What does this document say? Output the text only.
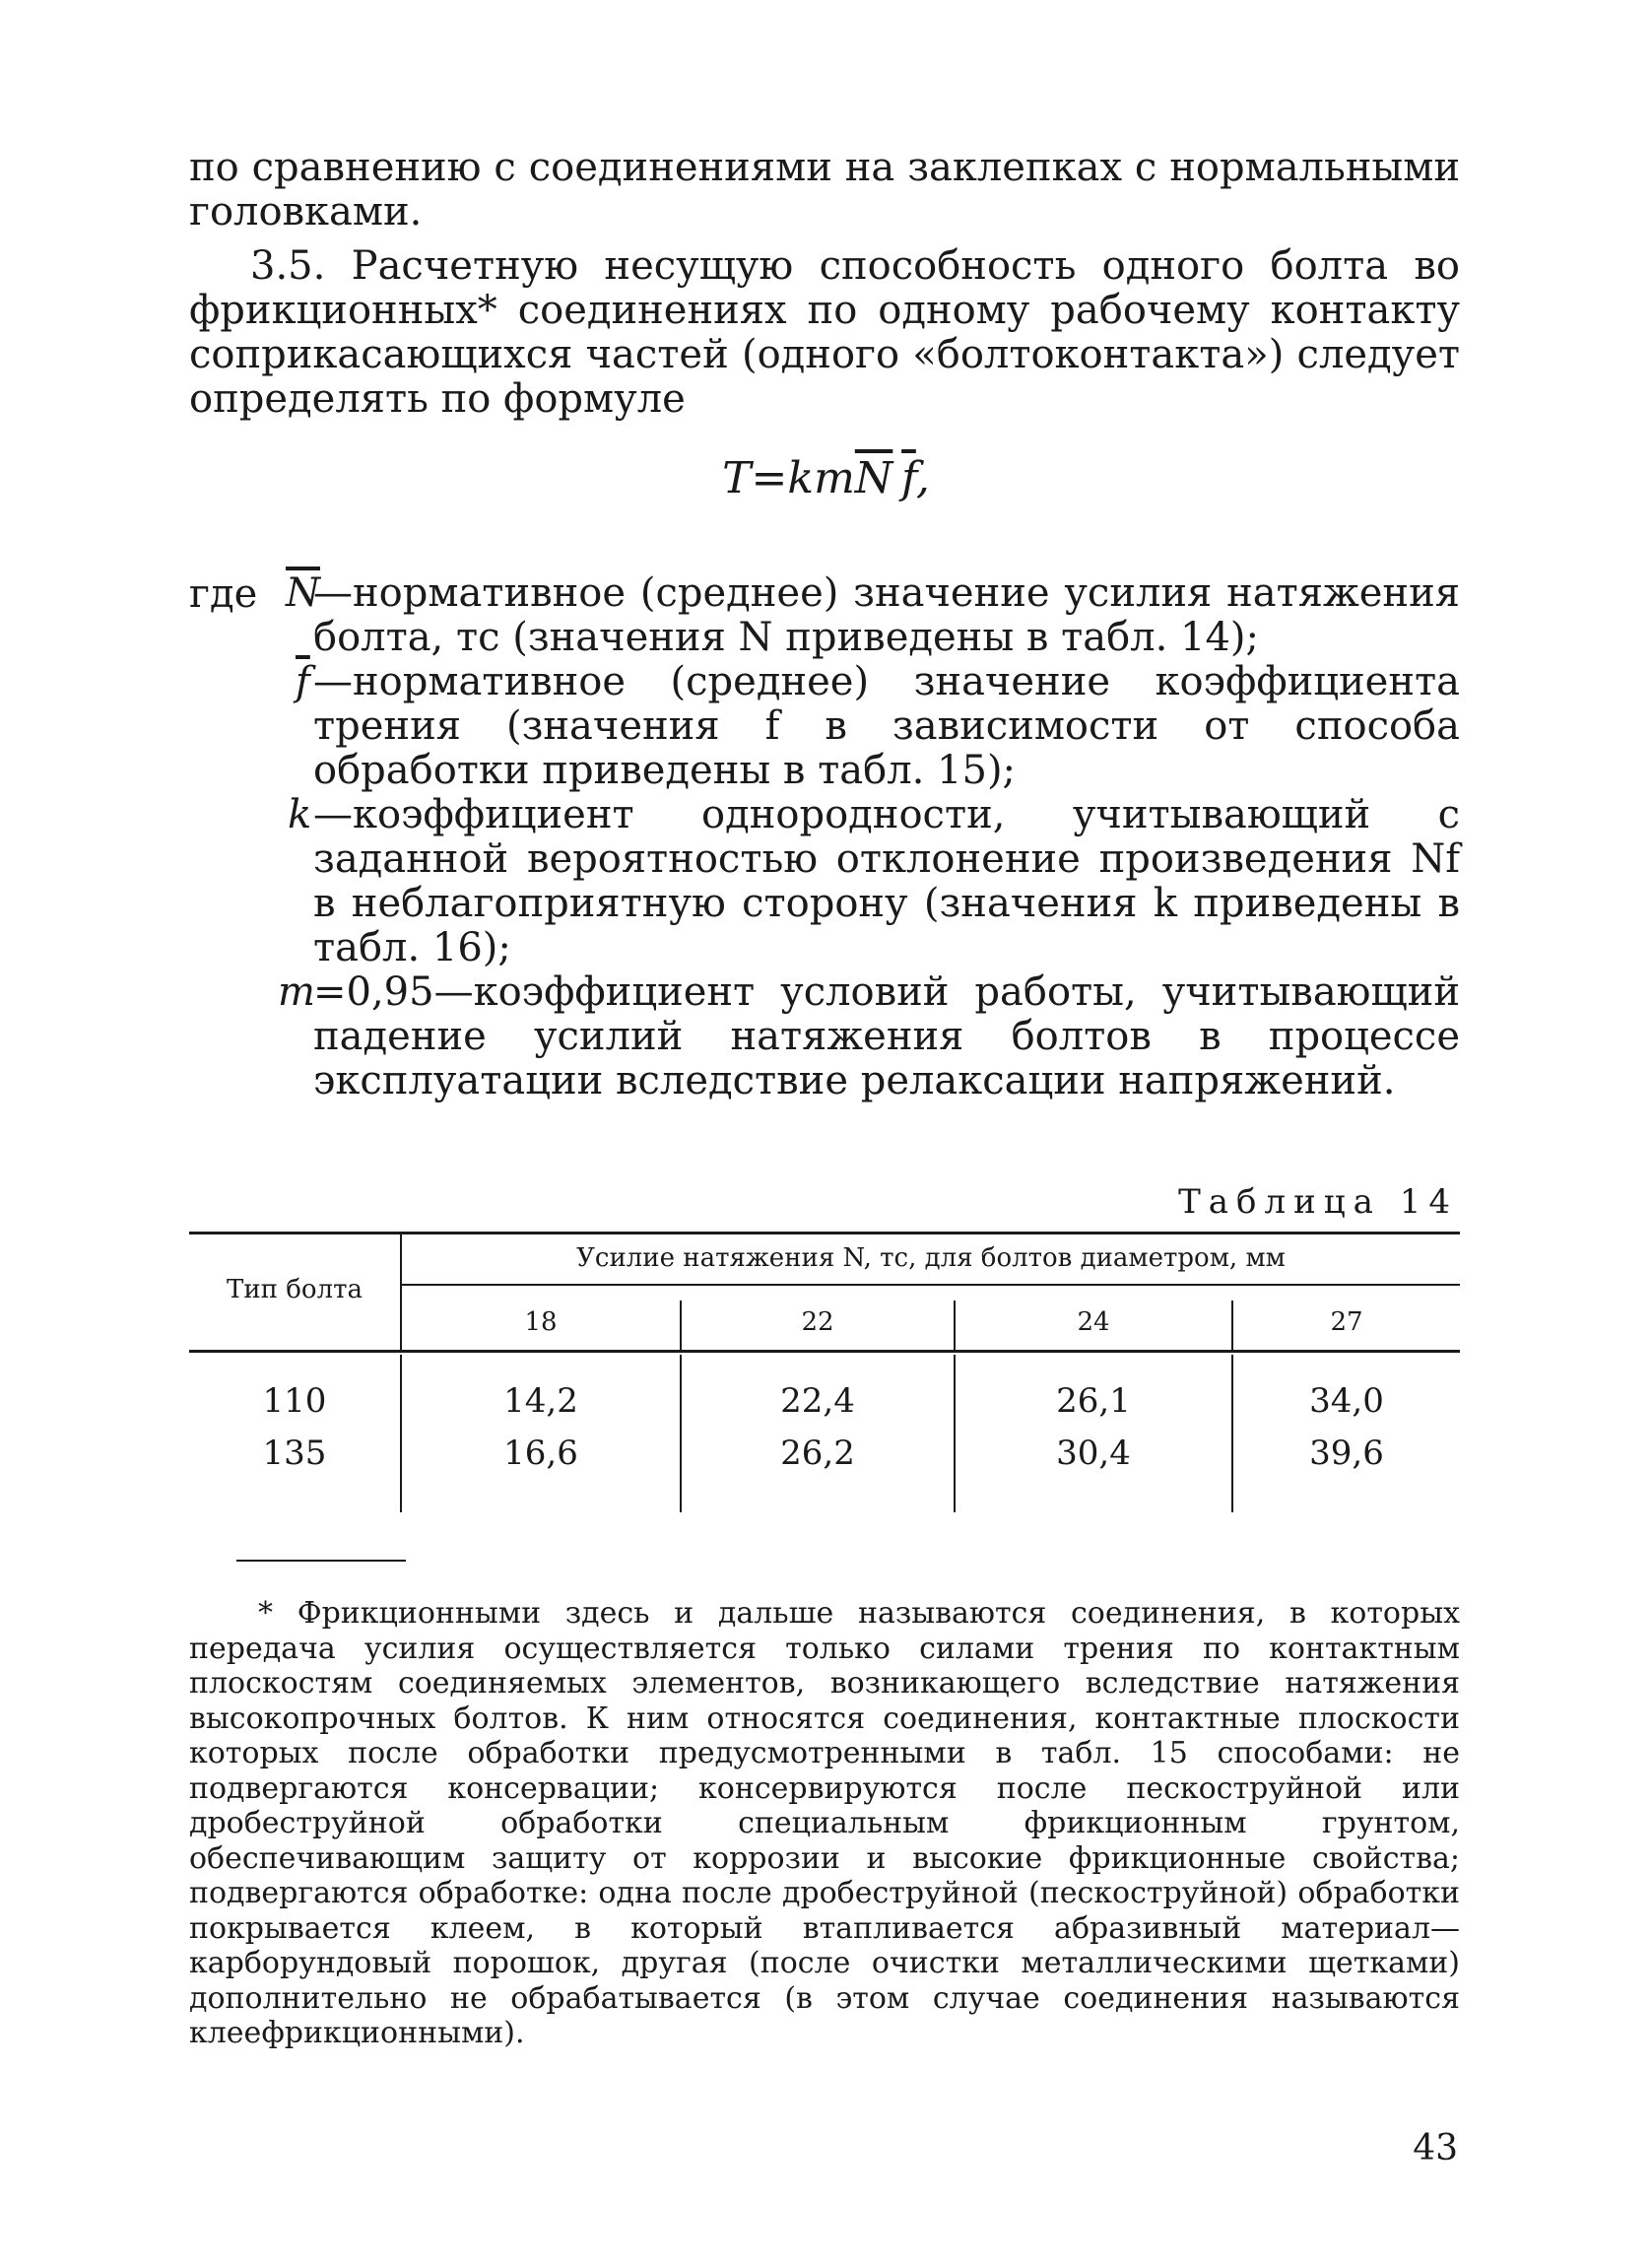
по сравнению с соединениями на заклепках с нормальными

головками.

3.5. Расчетную несущую способность одного болта во фрикционных* соединениях по одному рабочему контакту соприкасающихся частей (одного «болтоконтакта») следует определять по формуле

$T=km\overline{N}$  $\overline{f}$,
где $\overline{N}$
—нормативное (среднее) значение усилия натяжения болта, тс (значения N приведены в табл. 14);
$\overline{f}$ —нормативное (среднее) значение коэффициента трения (значения f в зависимости от способа обработки приведены в табл. 15);
k —коэффициент однородности, учитывающий с заданной вероятностью отклонение произведения Nf в неблагоприятную сторону (значения k приведены в табл. 16);
m
=0,95—коэффициент условий работы, учитывающий падение усилий натяжения болтов в процессе эксплуатации вследствие релаксации напряжений.
Таблица 14
Тип болта
Усилие натяжения N, тс, для болтов диаметром, мм
18	22	24	27
110	14,2	22,4	26,1	34,0
135	16,6	26,2	30,4	39,6

* Фрикционными здесь и дальше называются соединения, в которых передача усилия осуществляется только силами трения по контактным плоскостям соединяемых элементов, возникающего вследствие натяжения высокопрочных болтов. К ним относятся соединения, контактные плоскости которых после обработки предусмотренными в табл. 15 способами: не подвергаются консервации; консервируются после пескоструйной или дробеструйной обработки специальным фрикционным грунтом, обеспечивающим защиту от коррозии и высокие фрикционные свойства; подвергаются обработке: одна после дробеструйной (пескоструйной) обработки покрывается клеем, в который втапливается абразивный материал—карборундовый порошок, другая (после очистки металлическими щетками) дополнительно не обрабатывается (в этом случае соединения называются клеефрикционными).

43
